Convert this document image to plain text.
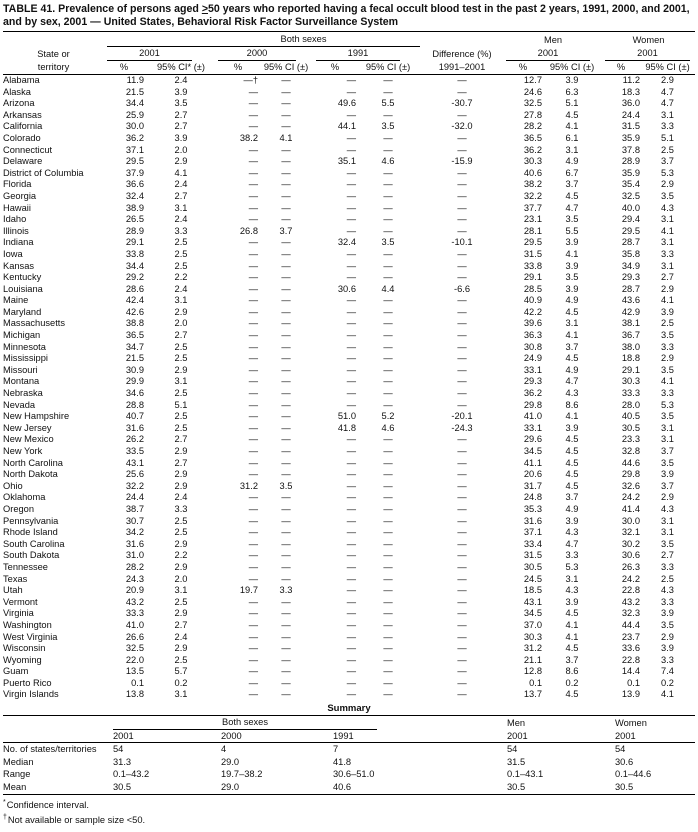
TABLE 41. Prevalence of persons aged ≥50 years who reported having a fecal occult blood test in the past 2 years, 1991, 2000, and 2001, and by sex, 2001 — United States, Behavioral Risk Factor Surveillance System

	Both sexes							Men		Women	
State or	2001		2000		1991		Difference (%)	2001		2001	

territory	%	95% CI* (±)	%	95% CI (±)	%	95% CI (±)	1991–2001	%	95% CI (±)	%	95% CI (±)
Alabama	11.9	2.4	—†	—	—	—	—	12.7	3.9	11.2	2.9
Alaska	21.5	3.9	—	—	—	—	—	24.6	6.3	18.3	4.7
Arizona	34.4	3.5	—	—	49.6	5.5	-30.7	32.5	5.1	36.0	4.7
Arkansas	25.9	2.7	—	—	—	—	—	27.8	4.5	24.4	3.1
California	30.0	2.7	—	—	44.1	3.5	-32.0	28.2	4.1	31.5	3.3
Colorado	36.2	3.9	38.2	4.1	—	—	—	36.5	6.1	35.9	5.1
Connecticut	37.1	2.0	—	—	—	—	—	36.2	3.1	37.8	2.5
Delaware	29.5	2.9	—	—	35.1	4.6	-15.9	30.3	4.9	28.9	3.7
District of Columbia	37.9	4.1	—	—	—	—	—	40.6	6.7	35.9	5.3
Florida	36.6	2.4	—	—	—	—	—	38.2	3.7	35.4	2.9
Georgia	32.4	2.7	—	—	—	—	—	32.2	4.5	32.5	3.5
Hawaii	38.9	3.1	—	—	—	—	—	37.7	4.7	40.0	4.3
Idaho	26.5	2.4	—	—	—	—	—	23.1	3.5	29.4	3.1
Illinois	28.9	3.3	26.8	3.7	—	—	—	28.1	5.5	29.5	4.1
Indiana	29.1	2.5	—	—	32.4	3.5	-10.1	29.5	3.9	28.7	3.1
Iowa	33.8	2.5	—	—	—	—	—	31.5	4.1	35.8	3.3
Kansas	34.4	2.5	—	—	—	—	—	33.8	3.9	34.9	3.1
Kentucky	29.2	2.2	—	—	—	—	—	29.1	3.5	29.3	2.7
Louisiana	28.6	2.4	—	—	30.6	4.4	-6.6	28.5	3.9	28.7	2.9
Maine	42.4	3.1	—	—	—	—	—	40.9	4.9	43.6	4.1
Maryland	42.6	2.9	—	—	—	—	—	42.2	4.5	42.9	3.9
Massachusetts	38.8	2.0	—	—	—	—	—	39.6	3.1	38.1	2.5
Michigan	36.5	2.7	—	—	—	—	—	36.3	4.1	36.7	3.5
Minnesota	34.7	2.5	—	—	—	—	—	30.8	3.7	38.0	3.3
Mississippi	21.5	2.5	—	—	—	—	—	24.9	4.5	18.8	2.9
Missouri	30.9	2.9	—	—	—	—	—	33.1	4.9	29.1	3.5
Montana	29.9	3.1	—	—	—	—	—	29.3	4.7	30.3	4.1
Nebraska	34.6	2.5	—	—	—	—	—	36.2	4.3	33.3	3.3
Nevada	28.8	5.1	—	—	—	—	—	29.8	8.6	28.0	5.3
New Hampshire	40.7	2.5	—	—	51.0	5.2	-20.1	41.0	4.1	40.5	3.5
New Jersey	31.6	2.5	—	—	41.8	4.6	-24.3	33.1	3.9	30.5	3.1
New Mexico	26.2	2.7	—	—	—	—	—	29.6	4.5	23.3	3.1
New York	33.5	2.9	—	—	—	—	—	34.5	4.5	32.8	3.7
North Carolina	43.1	2.7	—	—	—	—	—	41.1	4.5	44.6	3.5
North Dakota	25.6	2.9	—	—	—	—	—	20.6	4.5	29.8	3.9
Ohio	32.2	2.9	31.2	3.5	—	—	—	31.7	4.5	32.6	3.7
Oklahoma	24.4	2.4	—	—	—	—	—	24.8	3.7	24.2	2.9
Oregon	38.7	3.3	—	—	—	—	—	35.3	4.9	41.4	4.3
Pennsylvania	30.7	2.5	—	—	—	—	—	31.6	3.9	30.0	3.1
Rhode Island	34.2	2.5	—	—	—	—	—	37.1	4.3	32.1	3.1
South Carolina	31.6	2.9	—	—	—	—	—	33.4	4.7	30.2	3.5
South Dakota	31.0	2.2	—	—	—	—	—	31.5	3.3	30.6	2.7
Tennessee	28.2	2.9	—	—	—	—	—	30.5	5.3	26.3	3.3
Texas	24.3	2.0	—	—	—	—	—	24.5	3.1	24.2	2.5
Utah	20.9	3.1	19.7	3.3	—	—	—	18.5	4.3	22.8	4.3
Vermont	43.2	2.5	—	—	—	—	—	43.1	3.9	43.2	3.3
Virginia	33.3	2.9	—	—	—	—	—	34.5	4.5	32.3	3.9
Washington	41.0	2.7	—	—	—	—	—	37.0	4.1	44.4	3.5
West Virginia	26.6	2.4	—	—	—	—	—	30.3	4.1	23.7	2.9
Wisconsin	32.5	2.9	—	—	—	—	—	31.2	4.5	33.6	3.9
Wyoming	22.0	2.5	—	—	—	—	—	21.1	3.7	22.8	3.3
Guam	13.5	5.7	—	—	—	—	—	12.8	8.6	14.4	7.4
Puerto Rico	0.1	0.2	—	—	—	—	—	0.1	0.2	0.1	0.2
Virgin Islands	13.8	3.1	—	—	—	—	—	13.7	4.5	13.9	4.1
Summary

	Both sexes				Men	Women
	2001	2000	1991		2001	2001
No. of states/territories	54	4	7		54	54
Median	31.3	29.0	41.8		31.5	30.6
Range	0.1–43.2	19.7–38.2	30.6–51.0		0.1–43.1	0.1–44.6
Mean	30.5	29.0	40.6		30.5	30.5
*Confidence interval.
†Not available or sample size <50.
